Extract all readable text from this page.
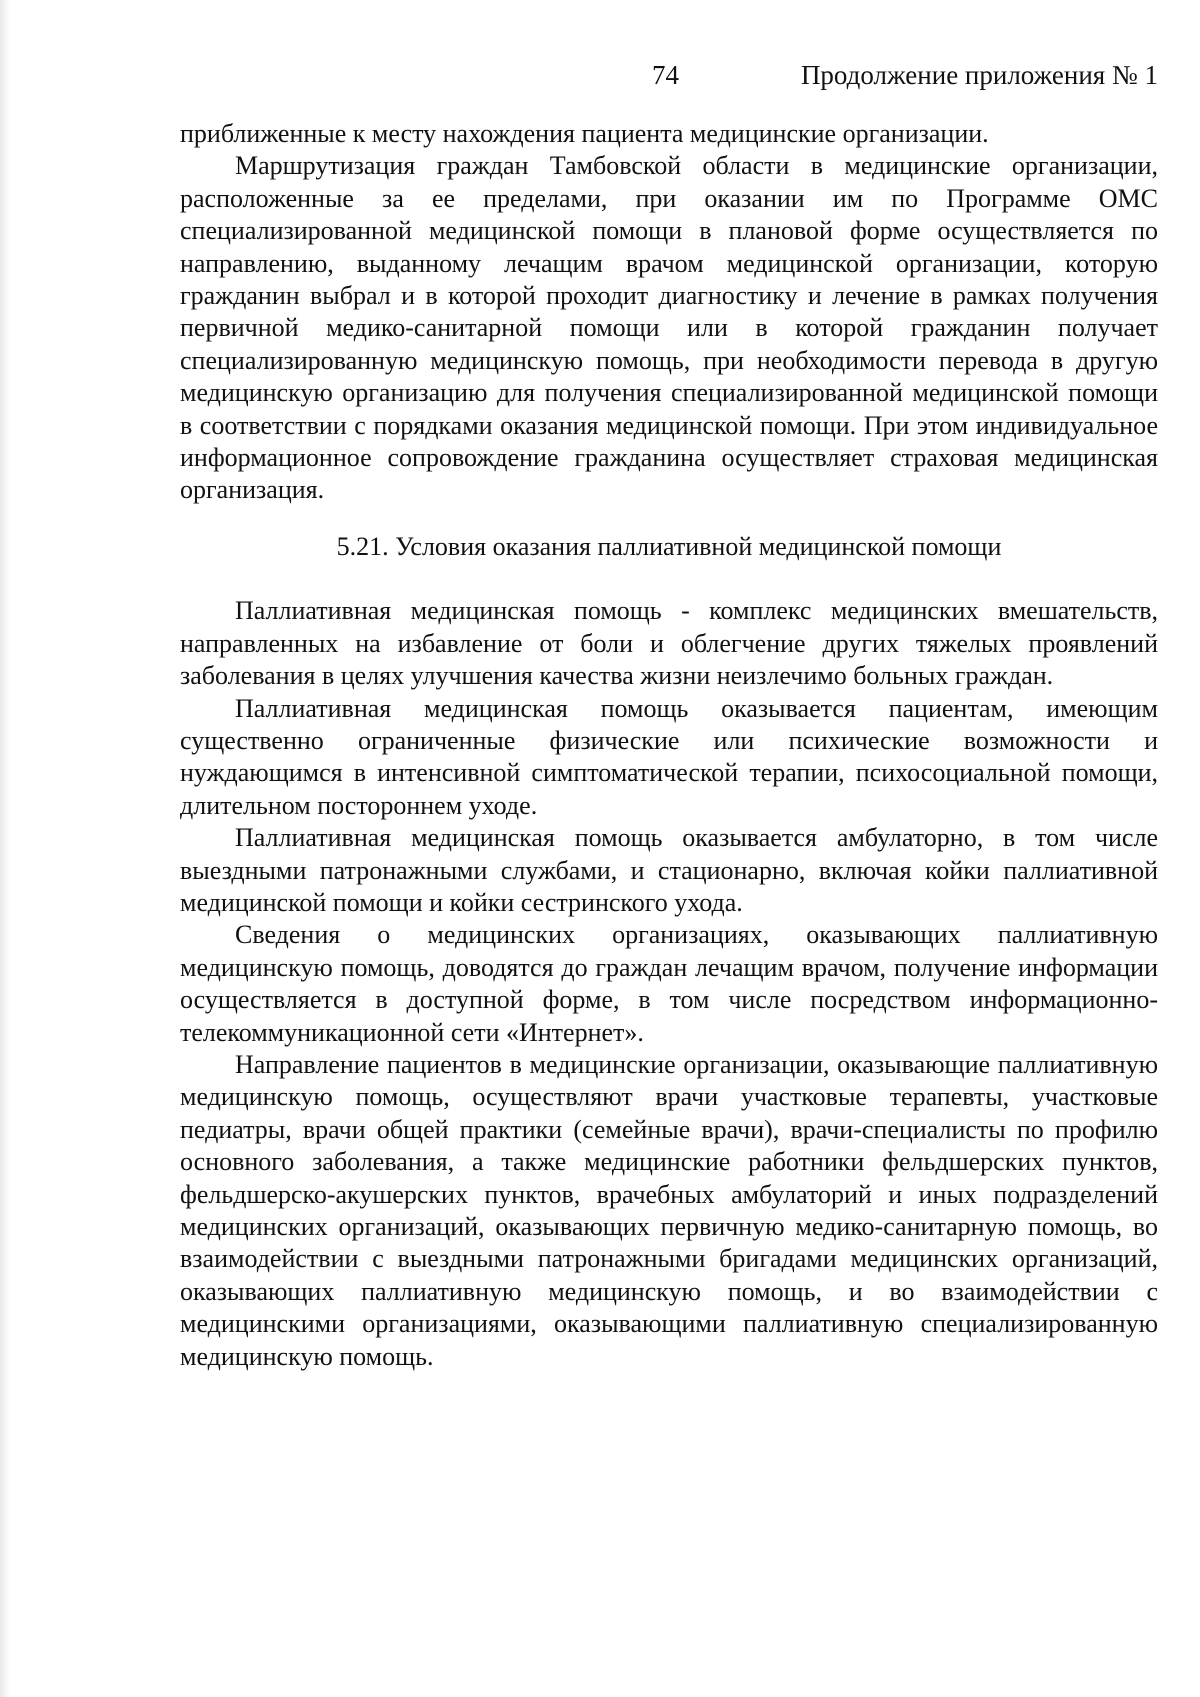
74	Продолжение приложения № 1

приближенные к месту нахождения пациента медицинские организации.

Маршрутизация граждан Тамбовской области в медицинские организации, расположенные за ее пределами, при оказании им по Программе ОМС специализированной медицинской помощи в плановой форме осуществляется по направлению, выданному лечащим врачом медицинской организации, которую гражданин выбрал и в которой проходит диагностику и лечение в рамках получения первичной медико-санитарной помощи или в которой гражданин получает специализированную медицинскую помощь, при необходимости перевода в другую медицинскую организацию для получения специализированной медицинской помощи в соответствии с порядками оказания медицинской помощи. При этом индивидуальное информационное сопровождение гражданина осуществляет страховая медицинская организация.

5.21. Условия оказания паллиативной медицинской помощи

Паллиативная медицинская помощь - комплекс медицинских вмешательств, направленных на избавление от боли и облегчение других тяжелых проявлений заболевания в целях улучшения качества жизни неизлечимо больных граждан.

Паллиативная медицинская помощь оказывается пациентам, имеющим существенно ограниченные физические или психические возможности и нуждающимся в интенсивной симптоматической терапии, психосоциальной помощи, длительном постороннем уходе.

Паллиативная медицинская помощь оказывается амбулаторно, в том числе выездными патронажными службами, и стационарно, включая койки паллиативной медицинской помощи и койки сестринского ухода.

Сведения о медицинских организациях, оказывающих паллиативную медицинскую помощь, доводятся до граждан лечащим врачом, получение информации осуществляется в доступной форме, в том числе посредством информационно-телекоммуникационной сети «Интернет».

Направление пациентов в медицинские организации, оказывающие паллиативную медицинскую помощь, осуществляют врачи участковые терапевты, участковые педиатры, врачи общей практики (семейные врачи), врачи-специалисты по профилю основного заболевания, а также медицинские работники фельдшерских пунктов, фельдшерско-акушерских пунктов, врачебных амбулаторий и иных подразделений медицинских организаций, оказывающих первичную медико-санитарную помощь, во взаимодействии с выездными патронажными бригадами медицинских организаций, оказывающих паллиативную медицинскую помощь, и во взаимодействии с медицинскими организациями, оказывающими паллиативную специализированную медицинскую помощь.
